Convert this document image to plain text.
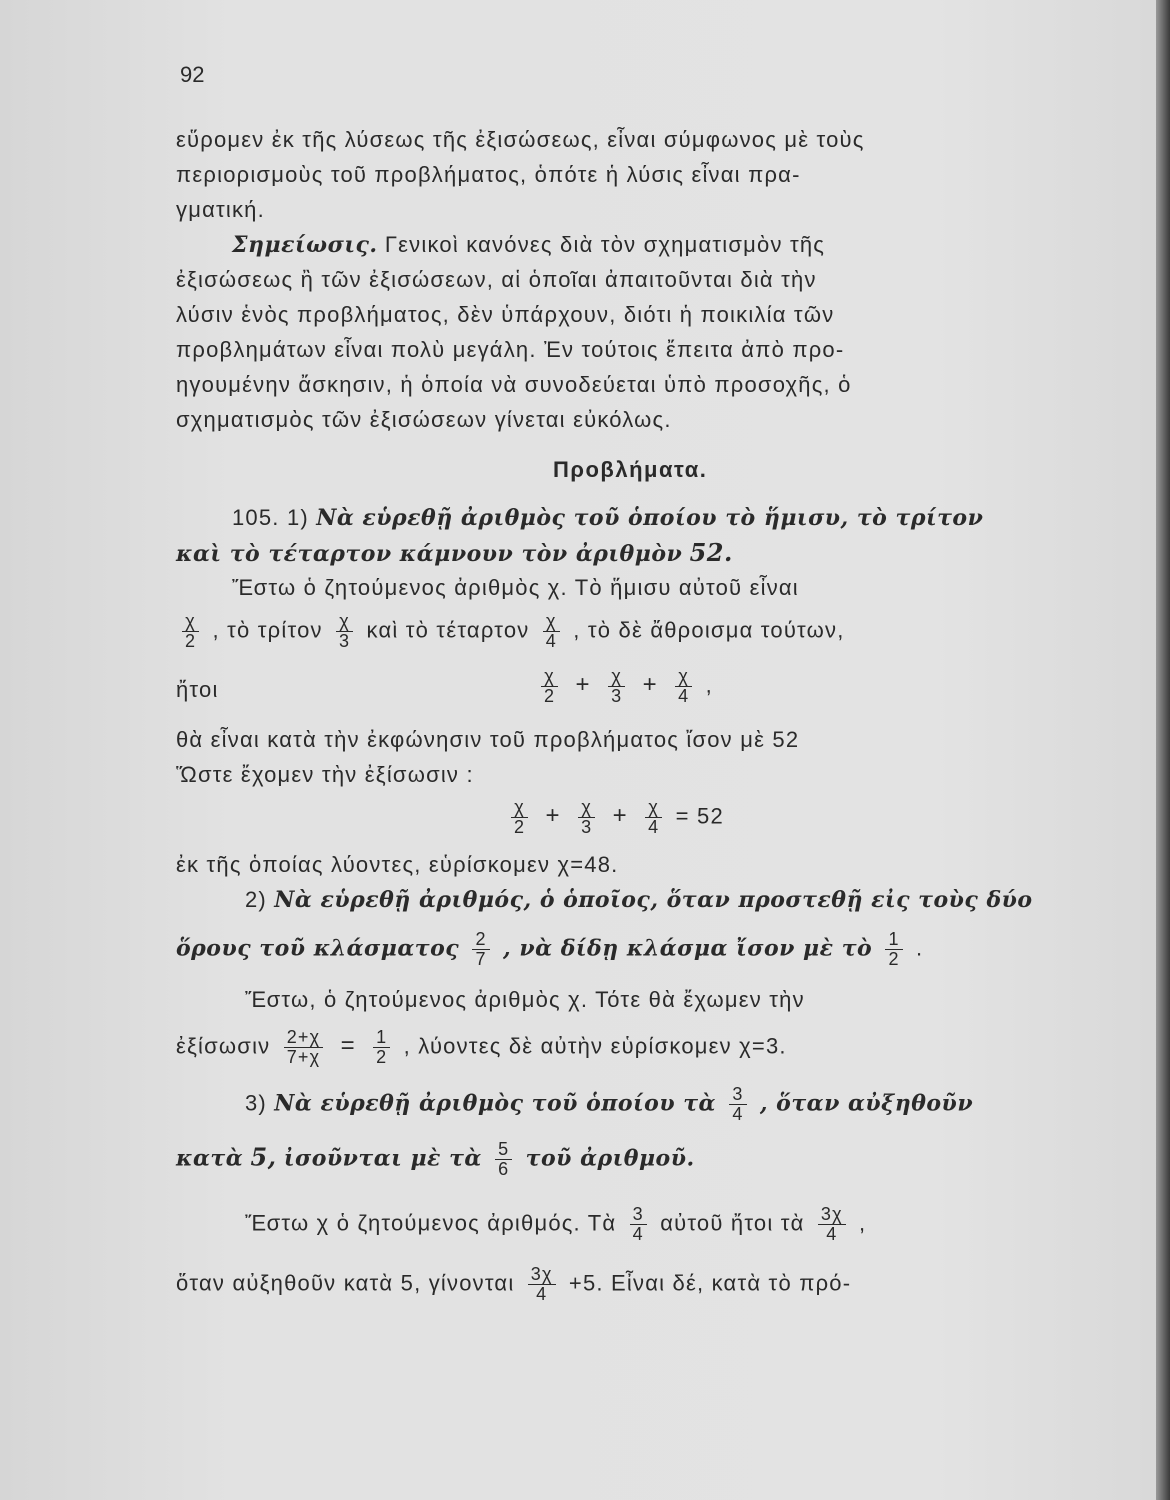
92
εὕρομεν ἐκ τῆς λύσεως τῆς ἐξισώσεως, εἶναι σύμφωνος μὲ τοὺς
περιορισμοὺς τοῦ προβλήματος, ὁπότε ἡ λύσις εἶναι πρα-
γματική.
Σημείωσις. Γενικοὶ κανόνες διὰ τὸν σχηματισμὸν τῆς
ἐξισώσεως ἢ τῶν ἐξισώσεων, αἱ ὁποῖαι ἀπαιτοῦνται διὰ τὴν
λύσιν ἑνὸς προβλήματος, δὲν ὑπάρχουν, διότι ἡ ποικιλία τῶν
προβλημάτων εἶναι πολὺ μεγάλη. Ἐν τούτοις ἔπειτα ἀπὸ προ-
ηγουμένην ἄσκησιν, ἡ ὁποία νὰ συνοδεύεται ὑπὸ προσοχῆς, ὁ
σχηματισμὸς τῶν ἐξισώσεων γίνεται εὐκόλως.
Προβλήματα.
105. 1) Νὰ εὑρεθῇ ἀριθμὸς τοῦ ὁποίου τὸ ἥμισυ, τὸ τρίτον
καὶ τὸ τέταρτον κάμνουν τὸν ἀριθμὸν 52.
Ἔστω ὁ ζητούμενος ἀριθμὸς χ. Τὸ ἥμισυ αὐτοῦ εἶναι
$\frac{\chi}{2}$ , τὸ τρίτον $\frac{\chi}{3}$ καὶ τὸ τέταρτον $\frac{\chi}{4}$ , τὸ δὲ ἄθροισμα τούτων,
ἤτοι	$\frac{\chi}{2} + \frac{\chi}{3} + \frac{\chi}{4}$ ,
θὰ εἶναι κατὰ τὴν ἐκφώνησιν τοῦ προβλήματος ἴσον μὲ 52
Ὥστε ἔχομεν τὴν ἐξίσωσιν :
$\frac{\chi}{2} + \frac{\chi}{3} + \frac{\chi}{4} = 52$
ἐκ τῆς ὁποίας λύοντες, εὑρίσκομεν χ=48.
2) Νὰ εὑρεθῇ ἀριθμός, ὁ ὁποῖος, ὅταν προστεθῇ εἰς τοὺς δύο
ὅρους τοῦ κλάσματος $\frac{2}{7}$ , νὰ δίδῃ κλάσμα ἴσον μὲ τὸ $\frac{1}{2}$ .
Ἔστω, ὁ ζητούμενος ἀριθμὸς χ. Τότε θὰ ἔχωμεν τὴν
ἐξίσωσιν $\frac{2+\chi}{7+\chi} = \frac{1}{2}$ , λύοντες δὲ αὐτὴν εὑρίσκομεν χ=3.
3) Νὰ εὑρεθῇ ἀριθμὸς τοῦ ὁποίου τὰ $\frac{3}{4}$ , ὅταν αὐξηθοῦν
κατὰ 5, ἰσοῦνται μὲ τὰ $\frac{5}{6}$ τοῦ ἀριθμοῦ.
Ἔστω χ ὁ ζητούμενος ἀριθμός. Τὰ $\frac{3}{4}$ αὐτοῦ ἤτοι τὰ $\frac{3\chi}{4}$ ,
ὅταν αὐξηθοῦν κατὰ 5, γίνονται $\frac{3\chi}{4} +5$. Εἶναι δέ, κατὰ τὸ πρό-
